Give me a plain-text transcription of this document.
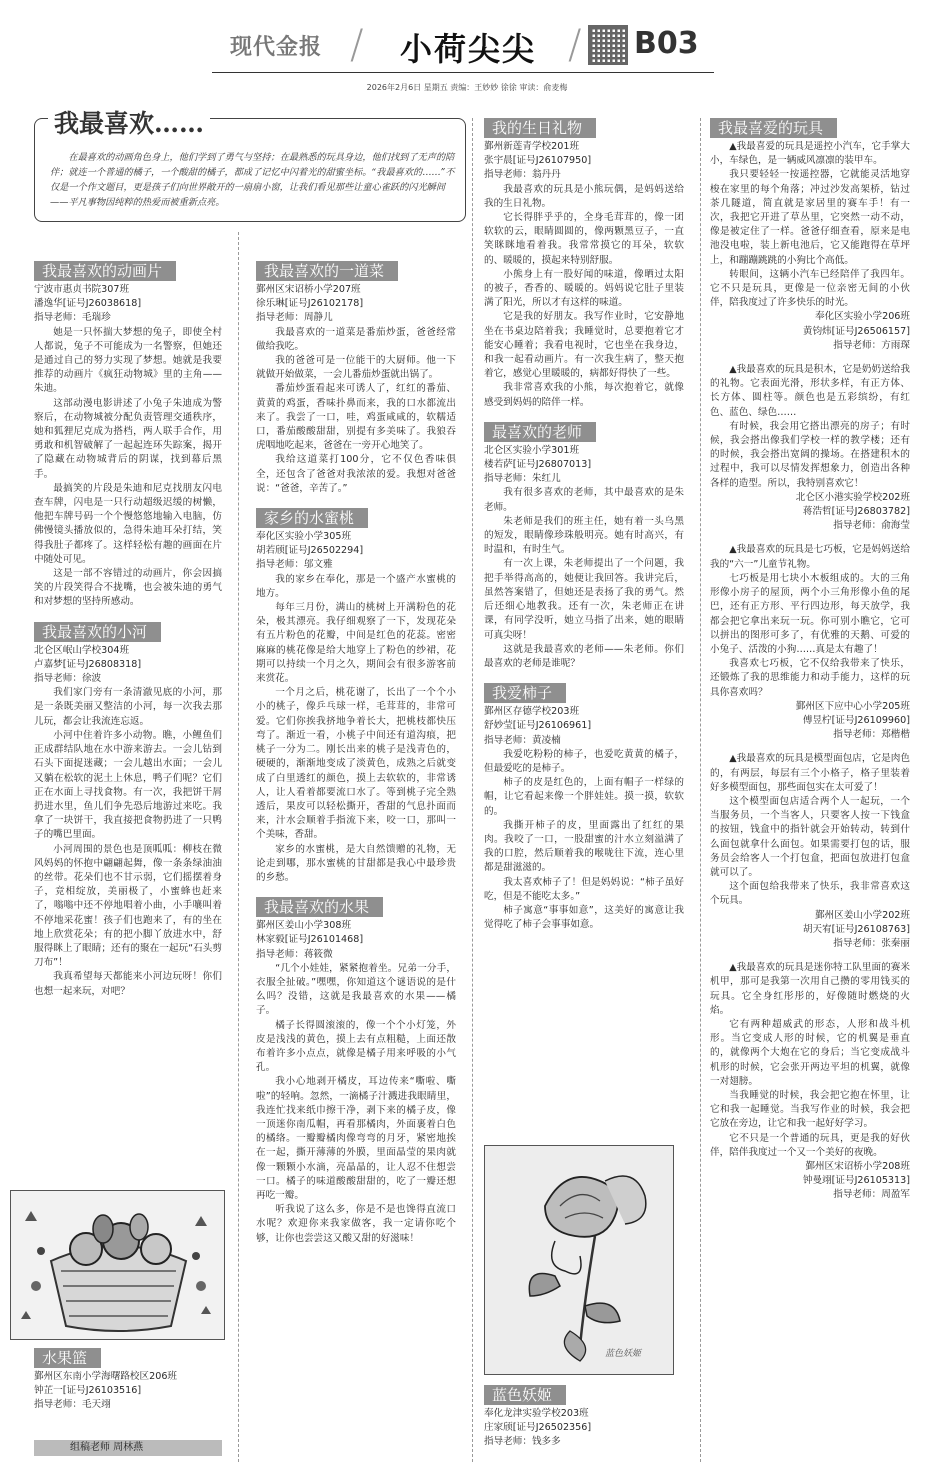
现代金报 / 小荷尖尖 / B03
2026年2月6日 星期五 责编：王妙妙 徐徐 审读：俞麦梅
我最喜欢……
在最喜欢的动画角色身上，他们学到了勇气与坚持；在最熟悉的玩具身边，他们找到了无声的陪伴；就连一个普通的橘子，一个酸甜的橘子，都成了记忆中闪着光的甜蜜坐标。“我最喜欢的……”不仅是一个作文题目，更是孩子们向世界敞开的一扇扇小窗，让我们看见那些让童心雀跃的闪光瞬间——平凡事物因纯粹的热爱而被重新点亮。
我最喜欢的动画片

宁波市惠贞书院307班

潘逸华[证号J26038618]

指导老师：毛瑞珍

她是一只怀揣大梦想的兔子，即使全村人都说，兔子不可能成为一名警察，但她还是通过自己的努力实现了梦想。她就是我要推荐的动画片《疯狂动物城》里的主角——朱迪。

这部动漫电影讲述了小兔子朱迪成为警察后，在动物城被分配负责管理交通秩序，她和狐狸尼克成为搭档，两人联手合作，用勇敢和机智破解了一起起连环失踪案，揭开了隐藏在动物城背后的阴谋，找到幕后黑手。

最搞笑的片段是朱迪和尼克找朋友闪电查车牌，闪电是一只行动超级迟缓的树懒，他把车牌号码一个个慢悠悠地输入电脑，仿佛慢镜头播放似的，急得朱迪耳朵打结，笑得我肚子都疼了。这样轻松有趣的画面在片中随处可见。

这是一部不容错过的动画片，你会因搞笑的片段笑得合不拢嘴，也会被朱迪的勇气和对梦想的坚持所感动。

我最喜欢的小河

北仑区岷山学校304班

卢嘉梦[证号J26808318]

指导老师：徐波

我们家门旁有一条清澈见底的小河，那是一条既美丽又整洁的小河，每一次我去那儿玩，都会让我流连忘返。

小河中住着许多小动物。瞧，小鲤鱼们正成群结队地在水中游来游去。一会儿钻到石头下面捉迷藏；一会儿越出水面；一会儿又躺在松软的泥土上休息，鸭子们呢？它们正在水面上寻找食物。有一次，我把饼干屑扔进水里，鱼儿们争先恐后地游过来吃。我拿了一块饼干，我直接把食物扔进了一只鸭子的嘴巴里面。

小河周围的景色也是顶呱呱：柳枝在微风妈妈的怀抱中翩翩起舞，像一条条绿油油的丝带。花朵们也不甘示弱，它们摇摆着身子，竞相绽放，美丽极了，小蜜蜂也赶来了，嗡嗡中还不停地唱着小曲，小手嚷叫着不停地采花蜜！孩子们也跑来了，有的坐在地上欣赏花朵；有的把小脚丫放进水中，舒服得眯上了眼睛；还有的聚在一起玩“石头剪刀布”！

我真希望每天都能来小河边玩呀！你们也想一起来玩，对吧？

水果篮

鄞州区东南小学海曙路校区206班

钟芷一[证号J26103516]

指导老师：毛天翊

组稿老师 周林燕
我最喜欢的一道菜

鄞州区宋诏桥小学207班

徐乐琳[证号J26102178]

指导老师：周静儿

我最喜欢的一道菜是番茄炒蛋，爸爸经常做给我吃。

我的爸爸可是一位能干的大厨师。他一下就做开始做菜，一会儿番茄炒蛋就出锅了。

番茄炒蛋看起来可诱人了，红红的番茄、黄黄的鸡蛋，香味扑鼻而来，我的口水都流出来了。我尝了一口，哇，鸡蛋咸咸的，软糯适口，番茄酸酸甜甜，别提有多美味了。我狼吞虎咽地吃起来，爸爸在一旁开心地笑了。

我给这道菜打100分，它不仅色香味俱全，还包含了爸爸对我浓浓的爱。我想对爸爸说：“爸爸，辛苦了。”

家乡的水蜜桃

奉化区实验小学305班

胡若颀[证号J26502294]

指导老师：邬文雅

我的家乡在奉化，那是一个盛产水蜜桃的地方。

每年三月份，满山的桃树上开满粉色的花朵，极其漂亮。我仔细观察了一下，发现花朵有五片粉色的花瓣，中间是红色的花蕊。密密麻麻的桃花像是给大地穿上了粉色的纱裙，花期可以持续一个月之久，期间会有很多游客前来赏花。

一个月之后，桃花谢了，长出了一个个小小的桃子，像乒乓球一样，毛茸茸的，非常可爱。它们你挨我挤地争着长大，把桃枝都快压弯了。渐近一看，小桃子中间还有道沟痕，把桃子一分为二。刚长出来的桃子是浅青色的，硬硬的，渐渐地变成了淡黄色，成熟之后就变成了白里透红的颜色，摸上去软软的，非常诱人，让人看着都要流口水了。等到桃子完全熟透后，果皮可以轻松撕开，香甜的气息扑面而来，汁水会顺着手指流下来，咬一口，那叫一个美味，香甜。

家乡的水蜜桃，是大自然馈赠的礼物，无论走到哪，那水蜜桃的甘甜都是我心中最珍贵的乡愁。

我最喜欢的水果

鄞州区姜山小学308班

林家毅[证号J26101468]

指导老师：蒋筱微

“几个小娃娃，紧紧抱着坐。兄弟一分手，衣服全扯破。”嘿嘿，你知道这个谜语说的是什么吗？没错，这就是我最喜欢的水果——橘子。

橘子长得圆滚滚的，像一个个小灯笼，外皮是浅浅的黄色，摸上去有点粗糙，上面还散布着许多小点点，就像是橘子用来呼吸的小气孔。

我小心地剥开橘皮，耳边传来“嘶啦、嘶啦”的轻响。忽然，一滴橘子汁溅进我眼睛里，我连忙找来纸巾擦干净，剥下来的橘子皮，像一顶迷你南瓜帽，再看那橘肉，外面裹着白色的橘络。一瓣瓣橘肉像弯弯的月牙，紧密地挨在一起，撕开薄薄的外膜，里面晶莹的果肉就像一颗颗小水滴，亮晶晶的，让人忍不住想尝一口。橘子的味道酸酸甜甜的，吃了一瓣还想再吃一瓣。

听我说了这么多，你是不是也馋得直流口水呢？欢迎你来我家做客，我一定请你吃个够，让你也尝尝这又酸又甜的好滋味！

我的生日礼物

鄞州新莲青学校201班

张宇晨[证号J26107950]

指导老师：翁丹丹

我最喜欢的玩具是小熊玩偶，是妈妈送给我的生日礼物。

它长得胖乎乎的，全身毛茸茸的，像一团软软的云，眼睛圆圆的，像两颗黑豆子，一直笑眯眯地看着我。我常常摸它的耳朵，软软的、暖暖的，摸起来特别舒服。

小熊身上有一股好闻的味道，像晒过太阳的被子，香香的、暖暖的。妈妈说它肚子里装满了阳光，所以才有这样的味道。

它是我的好朋友。我写作业时，它安静地坐在书桌边陪着我；我睡觉时，总要抱着它才能安心睡着；我看电视时，它也坐在我身边，和我一起看动画片。有一次我生病了，整天抱着它，感觉心里暖暖的，病都好得快了一些。

我非常喜欢我的小熊，每次抱着它，就像感受到妈妈的陪伴一样。

最喜欢的老师

北仑区实验小学301班

楼若萨[证号J26807013]

指导老师：朱红儿

我有很多喜欢的老师，其中最喜欢的是朱老师。

朱老师是我们的班主任，她有着一头乌黑的短发，眼睛像珍珠般明亮。她有时高兴，有时温和，有时生气。

有一次上课，朱老师提出了一个问题，我把手举得高高的，她便让我回答。我讲完后，虽然答案错了，但她还是表扬了我的勇气。然后还细心地教我。还有一次，朱老师正在讲课，有同学没听，她立马指了出来，她的眼睛可真尖呀！

这就是我最喜欢的老师——朱老师。你们最喜欢的老师是谁呢？

我爱柿子

鄞州区存德学校203班

舒妙莹[证号J26106961]

指导老师：黄凌楠

我爱吃粉粉的柿子，也爱吃黄黄的橘子，但最爱吃的是柿子。

柿子的皮是红色的，上面有帽子一样绿的帽，让它看起来像一个胖娃娃。摸一摸，软软的。

我撕开柿子的皮，里面露出了红红的果肉。我咬了一口，一股甜蜜的汁水立刻溢满了我的口腔，然后顺着我的喉咙往下流，连心里都是甜滋滋的。

我太喜欢柿子了！但是妈妈说：“柿子虽好吃，但是不能吃太多。”

柿子寓意“事事如意”，这美好的寓意让我觉得吃了柿子会事事如意。

蓝色妖姬
蓝色妖姬

奉化龙津实验学校203班

庄家颀[证号J26502356]

指导老师：钱多多

我最喜爱的玩具

▲我最喜爱的玩具是遥控小汽车，它手掌大小，车绿色，是一辆威风凛凛的装甲车。

我只要轻轻一按遥控器，它就能灵活地穿梭在家里的每个角落；冲过沙发高架桥，钻过茶几隧道，简直就是家居里的赛车手！有一次，我把它开进了草丛里，它突然一动不动，像是被定住了一样。爸爸仔细查看，原来是电池没电啦，装上新电池后，它又能跑得在草坪上，和蹦蹦跳跳的小狗比个高低。

转眼间，这辆小汽车已经陪伴了我四年。它不只是玩具，更像是一位亲密无间的小伙伴，陪我度过了许多快乐的时光。

奉化区实验小学206班

黄钧炜[证号J26506157]

指导老师：方雨琛

▲我最喜欢的玩具是积木，它是奶奶送给我的礼物。它表面光滑，形状多样，有正方体、长方体、圆柱等。颜色也是五彩缤纷，有红色、蓝色、绿色……

有时候，我会用它搭出漂亮的房子；有时候，我会搭出像我们学校一样的教学楼；还有的时候，我会搭出宽阔的操场。在搭建积木的过程中，我可以尽情发挥想象力，创造出各种各样的造型。所以，我特别喜欢它！

北仑区小港实验学校202班

蒋浩哲[证号J26803782]

指导老师：俞海莹

▲我最喜欢的玩具是七巧板，它是妈妈送给我的“六一”儿童节礼物。

七巧板是用七块小木板组成的。大的三角形像小房子的屋顶，两个小三角形像小鱼的尾巴，还有正方形、平行四边形，每天放学，我都会把它拿出来玩一玩。你可别小瞧它，它可以拼出的图形可多了，有优雅的天鹅、可爱的小兔子、活泼的小狗……真是太有趣了！

我喜欢七巧板，它不仅给我带来了快乐，还锻炼了我的思维能力和动手能力，这样的玩具你喜欢吗？

鄞州区下应中心小学205班

傅昱柠[证号J26109960]

指导老师：郑楷楷

▲我最喜欢的玩具是模型面包店，它是肉色的，有两层，每层有三个小格子，格子里装着好多模型面包，那些面包实在太可爱了！

这个模型面包店适合两个人一起玩，一个当服务员，一个当客人，只要客人按一下钱盒的按钮，钱盒中的指针就会开始转动，转到什么面包就拿什么面包。如果需要打包的话，服务员会给客人一个打包盒，把面包放进打包盒就可以了。

这个面包给我带来了快乐，我非常喜欢这个玩具。

鄞州区姜山小学202班

胡天宥[证号J26108763]

指导老师：张秦丽

▲我最喜欢的玩具是迷你特工队里面的赛米机甲，那可是我第一次用自己攒的零用钱买的玩具。它全身红彤彤的，好像随时燃烧的火焰。

它有两种超威武的形态，人形和战斗机形。当它变成人形的时候，它的机翼是垂直的，就像两个大炮在它的身后；当它变成战斗机形的时候，它会张开两边平坦的机翼，就像一对翅膀。

当我睡觉的时候，我会把它抱在怀里，让它和我一起睡觉。当我写作业的时候，我会把它放在旁边，让它和我一起好好学习。

它不只是一个普通的玩具，更是我的好伙伴，陪伴我度过一个又一个美好的夜晚。

鄞州区宋诏桥小学208班

钟曼翊[证号J26105313]

指导老师：周盈军
